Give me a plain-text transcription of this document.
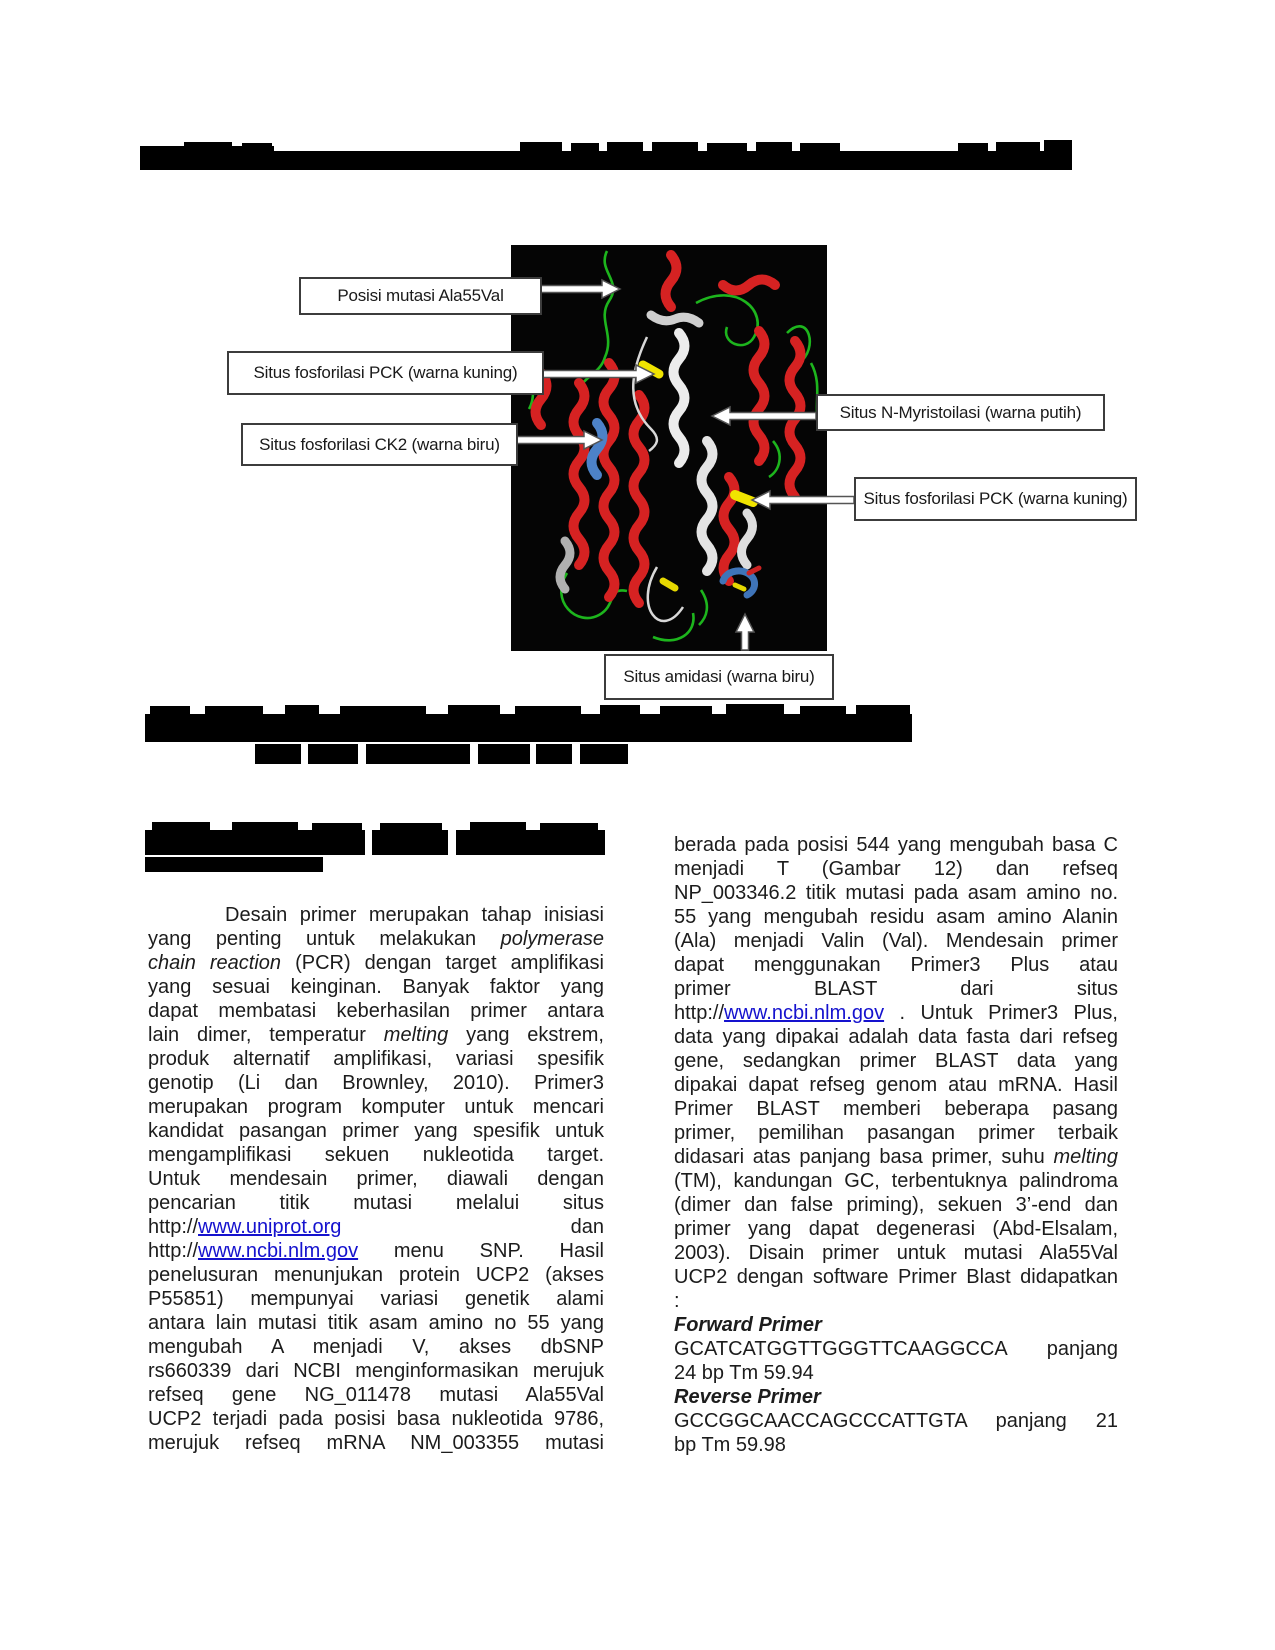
Posisi mutasi Ala55Val
Situs fosforilasi PCK (warna kuning)
Situs fosforilasi CK2 (warna biru)
Situs N-Myristoilasi (warna putih)
Situs fosforilasi PCK (warna kuning)
Situs amidasi (warna biru)
Desain primer merupakan tahap inisiasi
yang penting untuk melakukan polymerase
chain reaction (PCR) dengan target amplifikasi
yang sesuai keinginan. Banyak faktor yang
dapat membatasi keberhasilan primer antara
lain dimer, temperatur melting yang ekstrem,
produk alternatif amplifikasi, variasi spesifik
genotip (Li dan Brownley, 2010). Primer3
merupakan program komputer untuk mencari
kandidat pasangan primer yang spesifik untuk
mengamplifikasi sekuen nukleotida target.
Untuk mendesain primer, diawali dengan
pencarian titik mutasi melalui situs
http://www.uniprot.org dan
http://www.ncbi.nlm.gov menu SNP. Hasil
penelusuran menunjukan protein UCP2 (akses
P55851) mempunyai variasi genetik alami
antara lain mutasi titik asam amino no 55 yang
mengubah A menjadi V, akses dbSNP
rs660339 dari NCBI menginformasikan merujuk
refseq gene NG_011478 mutasi Ala55Val
UCP2 terjadi pada posisi basa nukleotida 9786,
merujuk refseq mRNA NM_003355 mutasi
berada pada posisi 544 yang mengubah basa C
menjadi T (Gambar 12) dan refseq
NP_003346.2 titik mutasi pada asam amino no.
55 yang mengubah residu asam amino Alanin
(Ala) menjadi Valin (Val). Mendesain primer
dapat menggunakan Primer3 Plus atau
primer BLAST dari situs
http://www.ncbi.nlm.gov . Untuk Primer3 Plus,
data yang dipakai adalah data fasta dari refseg
gene, sedangkan primer BLAST data yang
dipakai dapat refseg genom atau mRNA. Hasil
Primer BLAST memberi beberapa pasang
primer, pemilihan pasangan primer terbaik
didasari atas panjang basa primer, suhu melting
(TM), kandungan GC, terbentuknya palindroma
(dimer dan false priming), sekuen 3’-end dan
primer yang dapat degenerasi (Abd-Elsalam,
2003). Disain primer untuk mutasi Ala55Val
UCP2 dengan software Primer Blast didapatkan
:
Forward Primer
GCATCATGGTTGGGTTCAAGGCCA panjang
24 bp Tm 59.94
Reverse Primer
GCCGGCAACCAGCCCATTGTA panjang 21
bp Tm 59.98
